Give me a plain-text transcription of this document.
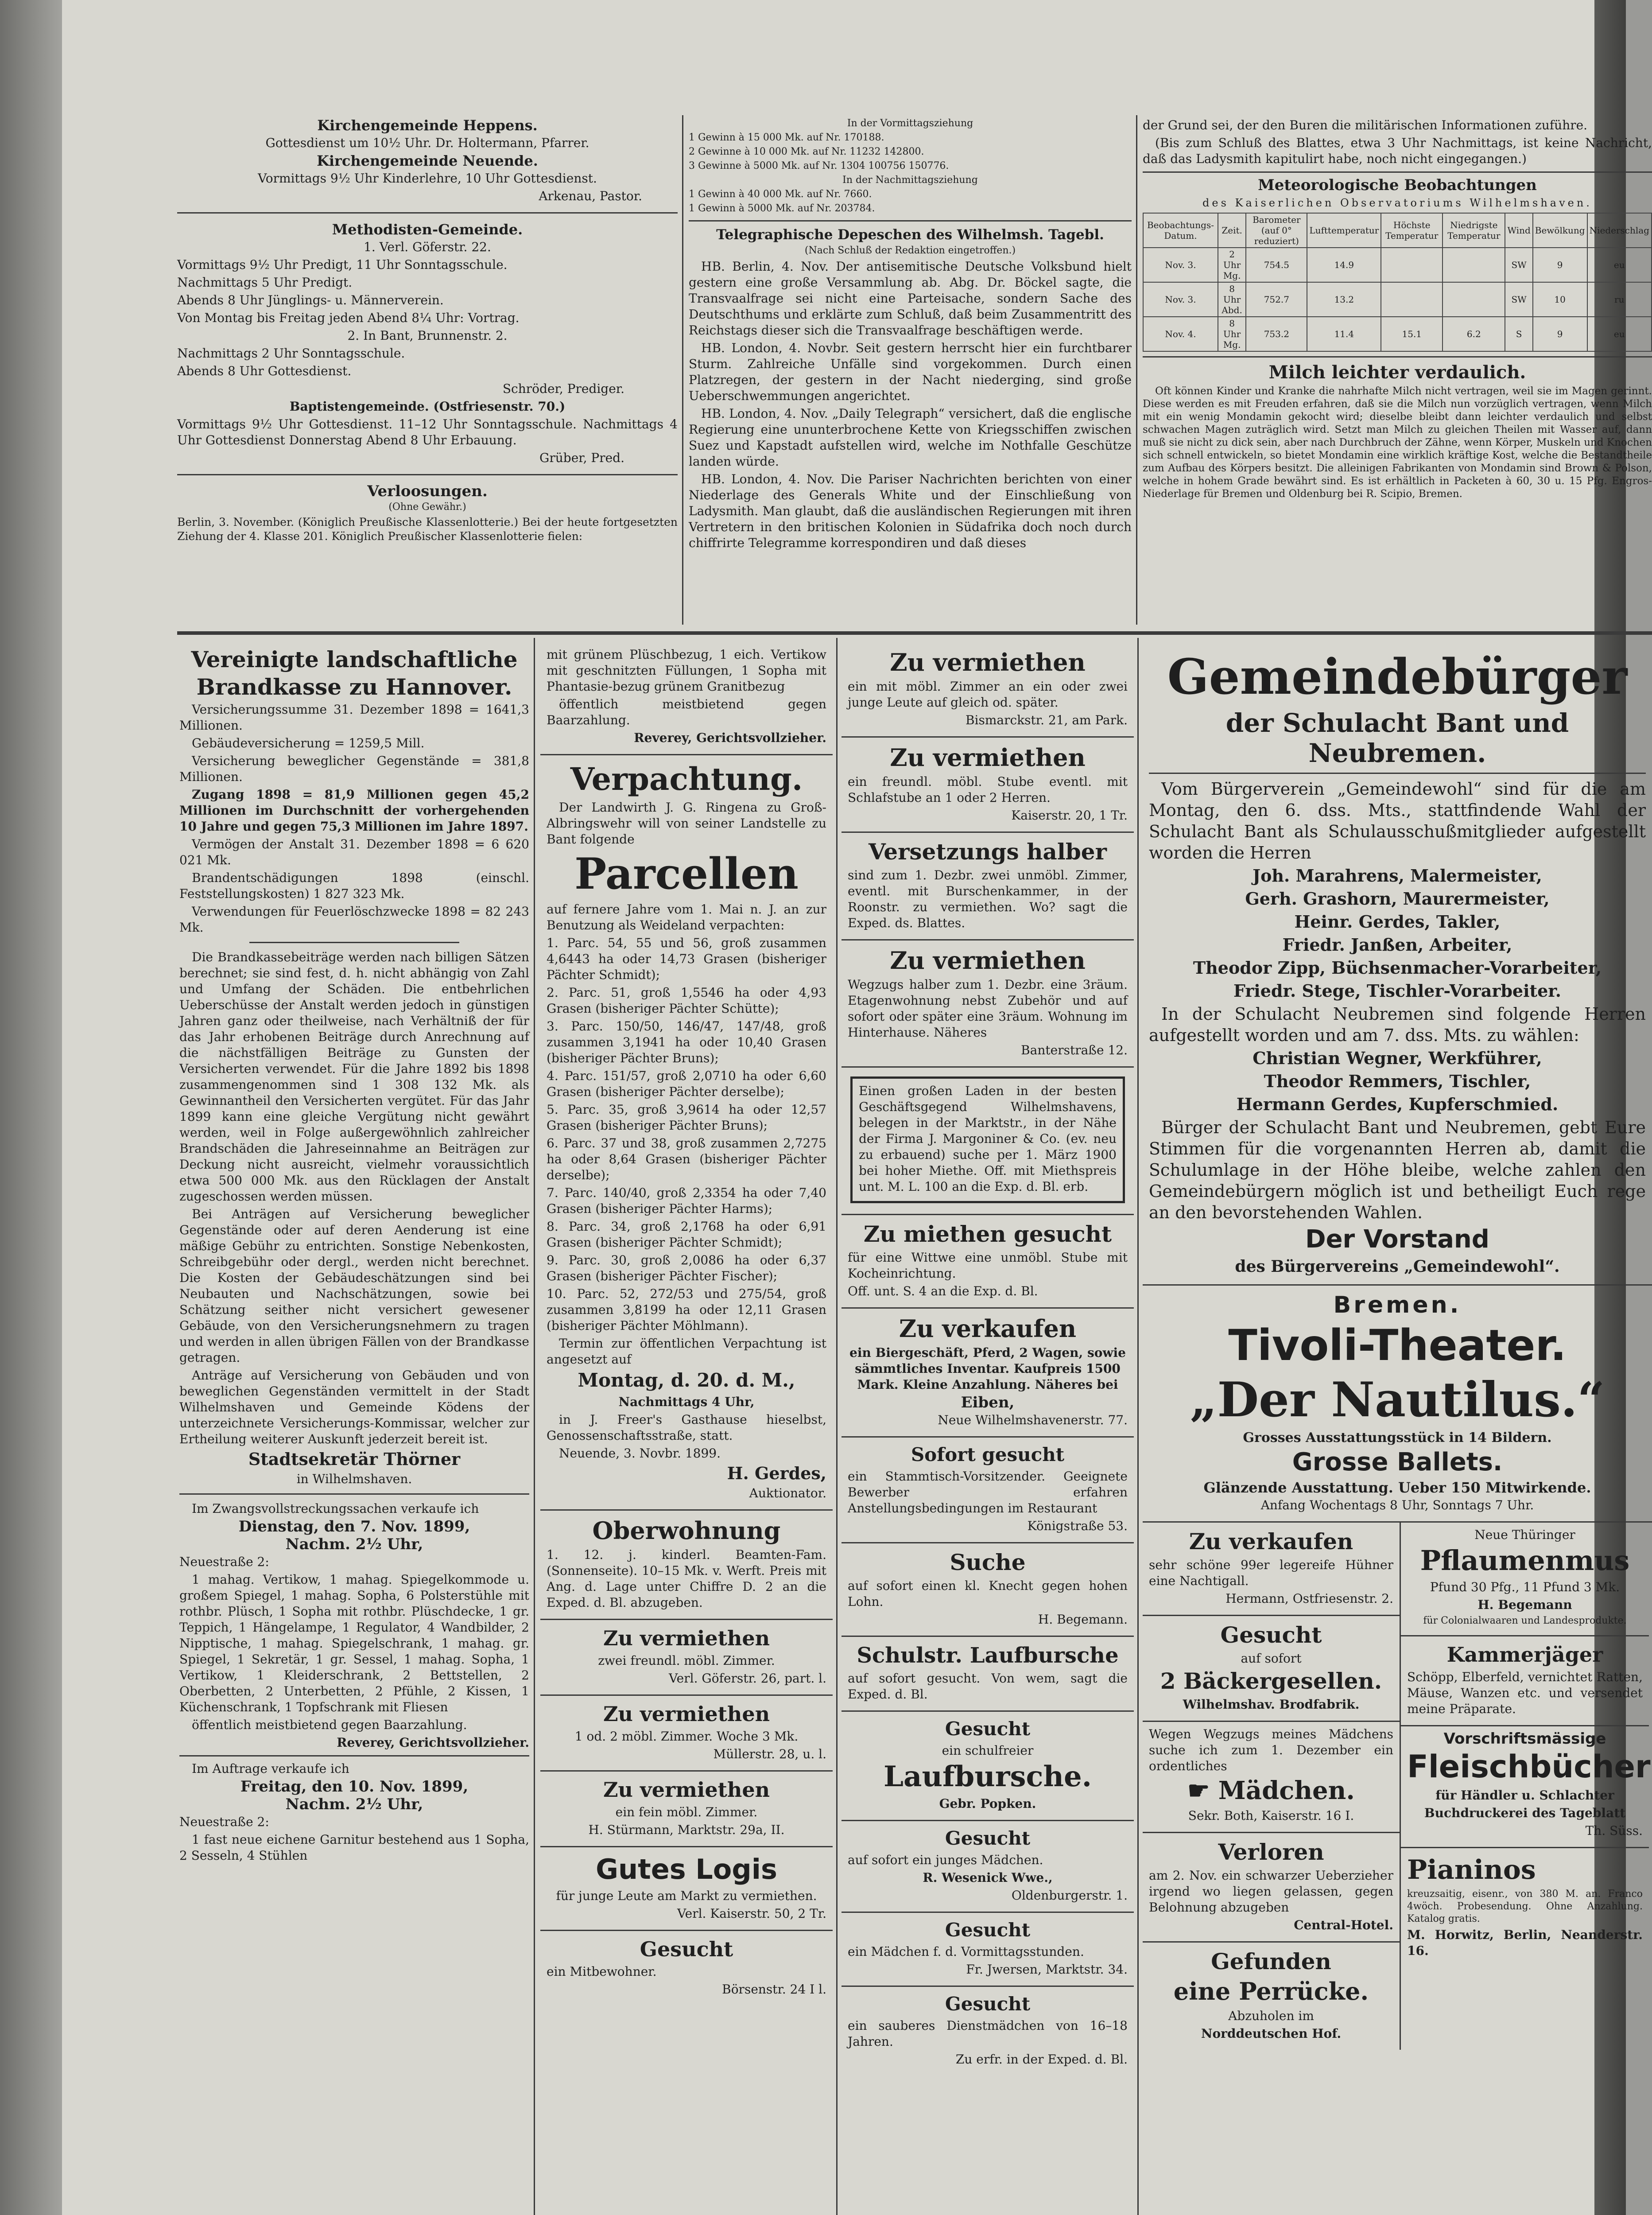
Kirchengemeinde Heppens.

Gottesdienst um 10½ Uhr. Dr. Holtermann, Pfarrer.

Kirchengemeinde Neuende.

Vormittags 9½ Uhr Kinderlehre, 10 Uhr Gottesdienst.

Arkenau, Pastor.

Methodisten-Gemeinde.

1. Verl. Göferstr. 22.

Vormittags 9½ Uhr Predigt, 11 Uhr Sonntagsschule.

Nachmittags 5 Uhr Predigt.

Abends 8 Uhr Jünglings- u. Männerverein.

Von Montag bis Freitag jeden Abend 8¼ Uhr: Vortrag.

2. In Bant, Brunnenstr. 2.

Nachmittags 2 Uhr Sonntagsschule.

Abends 8 Uhr Gottesdienst.

Schröder, Prediger.

Baptistengemeinde. (Ostfriesenstr. 70.)

Vormittags 9½ Uhr Gottesdienst. 11–12 Uhr Sonntagsschule. Nachmittags 4 Uhr Gottesdienst Donnerstag Abend 8 Uhr Erbauung.

Grüber, Pred.

Verloosungen.

(Ohne Gewähr.)

Berlin, 3. November. (Königlich Preußische Klassenlotterie.) Bei der heute fortgesetzten Ziehung der 4. Klasse 201. Königlich Preußischer Klassenlotterie fielen:

In der Vormittagsziehung

1 Gewinn à 15 000 Mk. auf Nr. 170188.

2 Gewinne à 10 000 Mk. auf Nr. 11232 142800.

3 Gewinne à 5000 Mk. auf Nr. 1304 100756 150776.

In der Nachmittagsziehung

1 Gewinn à 40 000 Mk. auf Nr. 7660.

1 Gewinn à 5000 Mk. auf Nr. 203784.

Telegraphische Depeschen des Wilhelmsh. Tagebl.

(Nach Schluß der Redaktion eingetroffen.)

HB. Berlin, 4. Nov. Der antisemitische Deutsche Volksbund hielt gestern eine große Versammlung ab. Abg. Dr. Böckel sagte, die Transvaalfrage sei nicht eine Parteisache, sondern Sache des Deutschthums und erklärte zum Schluß, daß beim Zusammentritt des Reichstags dieser sich die Transvaalfrage beschäftigen werde.

HB. London, 4. Novbr. Seit gestern herrscht hier ein furchtbarer Sturm. Zahlreiche Unfälle sind vorgekommen. Durch einen Platzregen, der gestern in der Nacht niederging, sind große Ueberschwemmungen angerichtet.

HB. London, 4. Nov. „Daily Telegraph“ versichert, daß die englische Regierung eine ununterbrochene Kette von Kriegsschiffen zwischen Suez und Kapstadt aufstellen wird, welche im Nothfalle Geschütze landen würde.

HB. London, 4. Nov. Die Pariser Nachrichten berichten von einer Niederlage des Generals White und der Einschließung von Ladysmith. Man glaubt, daß die ausländischen Regierungen mit ihren Vertretern in den britischen Kolonien in Südafrika doch noch durch chiffrirte Telegramme korrespondiren und daß dieses

der Grund sei, der den Buren die militärischen Informationen zuführe.

(Bis zum Schluß des Blattes, etwa 3 Uhr Nachmittags, ist keine Nachricht, daß das Ladysmith kapitulirt habe, noch nicht eingegangen.)

Meteorologische Beobachtungen

des Kaiserlichen Observatoriums Wilhelmshaven.

Beobachtungs-Datum.	Zeit.	Barometer (auf 0° reduziert)	Lufttemperatur	Höchste Temperatur	Niedrigste Temperatur	Wind	Bewölkung	Niederschlag
Nov. 3.	2 Uhr Mg.	754.5	14.9			SW	9	eu
Nov. 3.	8 Uhr Abd.	752.7	13.2			SW	10	ru
Nov. 4.	8 Uhr Mg.	753.2	11.4	15.1	6.2	S	9	eu

Milch leichter verdaulich.

Oft können Kinder und Kranke die nahrhafte Milch nicht vertragen, weil sie im Magen gerinnt. Diese werden es mit Freuden erfahren, daß sie die Milch nun vorzüglich vertragen, wenn Milch mit ein wenig Mondamin gekocht wird; dieselbe bleibt dann leichter verdaulich und selbst schwachen Magen zuträglich wird. Setzt man Milch zu gleichen Theilen mit Wasser auf, dann muß sie nicht zu dick sein, aber nach Durchbruch der Zähne, wenn Körper, Muskeln und Knochen sich schnell entwickeln, so bietet Mondamin eine wirklich kräftige Kost, welche die Bestandtheile zum Aufbau des Körpers besitzt. Die alleinigen Fabrikanten von Mondamin sind Brown & Polson, welche in hohem Grade bewährt sind. Es ist erhältlich in Packeten à 60, 30 u. 15 Pfg. Engros-Niederlage für Bremen und Oldenburg bei R. Scipio, Bremen.

Vereinigte landschaftliche

Brandkasse zu Hannover.

Versicherungssumme 31. Dezember 1898 = 1641,3 Millionen.

Gebäudeversicherung = 1259,5 Mill.

Versicherung beweglicher Gegenstände = 381,8 Millionen.

Zugang 1898 = 81,9 Millionen gegen 45,2 Millionen im Durchschnitt der vorhergehenden 10 Jahre und gegen 75,3 Millionen im Jahre 1897.

Vermögen der Anstalt 31. Dezember 1898 = 6 620 021 Mk.

Brandentschädigungen 1898 (einschl. Feststellungskosten) 1 827 323 Mk.

Verwendungen für Feuerlöschzwecke 1898 = 82 243 Mk.

Die Brandkassebeiträge werden nach billigen Sätzen berechnet; sie sind fest, d. h. nicht abhängig von Zahl und Umfang der Schäden. Die entbehrlichen Ueberschüsse der Anstalt werden jedoch in günstigen Jahren ganz oder theilweise, nach Verhältniß der für das Jahr erhobenen Beiträge durch Anrechnung auf die nächstfälligen Beiträge zu Gunsten der Versicherten verwendet. Für die Jahre 1892 bis 1898 zusammengenommen sind 1 308 132 Mk. als Gewinnantheil den Versicherten vergütet. Für das Jahr 1899 kann eine gleiche Vergütung nicht gewährt werden, weil in Folge außergewöhnlich zahlreicher Brandschäden die Jahreseinnahme an Beiträgen zur Deckung nicht ausreicht, vielmehr voraussichtlich etwa 500 000 Mk. aus den Rücklagen der Anstalt zugeschossen werden müssen.

Bei Anträgen auf Versicherung beweglicher Gegenstände oder auf deren Aenderung ist eine mäßige Gebühr zu entrichten. Sonstige Nebenkosten, Schreibgebühr oder dergl., werden nicht berechnet. Die Kosten der Gebäudeschätzungen sind bei Neubauten und Nachschätzungen, sowie bei Schätzung seither nicht versichert gewesener Gebäude, von den Versicherungsnehmern zu tragen und werden in allen übrigen Fällen von der Brandkasse getragen.

Anträge auf Versicherung von Gebäuden und von beweglichen Gegenständen vermittelt in der Stadt Wilhelmshaven und Gemeinde Ködens der unterzeichnete Versicherungs-Kommissar, welcher zur Ertheilung weiterer Auskunft jederzeit bereit ist.

Stadtsekretär Thörner

in Wilhelmshaven.

Im Zwangsvollstreckungssachen verkaufe ich

Dienstag, den 7. Nov. 1899,

Nachm. 2½ Uhr,

Neuestraße 2:

1 mahag. Vertikow, 1 mahag. Spiegelkommode u. großem Spiegel, 1 mahag. Sopha, 6 Polsterstühle mit rothbr. Plüsch, 1 Sopha mit rothbr. Plüschdecke, 1 gr. Teppich, 1 Hängelampe, 1 Regulator, 4 Wandbilder, 2 Nipptische, 1 mahag. Spiegelschrank, 1 mahag. gr. Spiegel, 1 Sekretär, 1 gr. Sessel, 1 mahag. Sopha, 1 Vertikow, 1 Kleiderschrank, 2 Bettstellen, 2 Oberbetten, 2 Unterbetten, 2 Pfühle, 2 Kissen, 1 Küchenschrank, 1 Topfschrank mit Fliesen

öffentlich meistbietend gegen Baarzahlung.

Reverey, Gerichtsvollzieher.

Im Auftrage verkaufe ich

Freitag, den 10. Nov. 1899,

Nachm. 2½ Uhr,

Neuestraße 2:

1 fast neue eichene Garnitur bestehend aus 1 Sopha, 2 Sesseln, 4 Stühlen

mit grünem Plüschbezug, 1 eich. Vertikow mit geschnitzten Füllungen, 1 Sopha mit Phantasie-bezug grünem Granitbezug

öffentlich meistbietend gegen Baarzahlung.

Reverey, Gerichtsvollzieher.

Verpachtung.

Der Landwirth J. G. Ringena zu Groß-Albringswehr will von seiner Landstelle zu Bant folgende

Parcellen

auf fernere Jahre vom 1. Mai n. J. an zur Benutzung als Weideland verpachten:

1. Parc. 54, 55 und 56, groß zusammen 4,6443 ha oder 14,73 Grasen (bisheriger Pächter Schmidt);

2. Parc. 51, groß 1,5546 ha oder 4,93 Grasen (bisheriger Pächter Schütte);

3. Parc. 150/50, 146/47, 147/48, groß zusammen 3,1941 ha oder 10,40 Grasen (bisheriger Pächter Bruns);

4. Parc. 151/57, groß 2,0710 ha oder 6,60 Grasen (bisheriger Pächter derselbe);

5. Parc. 35, groß 3,9614 ha oder 12,57 Grasen (bisheriger Pächter Bruns);

6. Parc. 37 und 38, groß zusammen 2,7275 ha oder 8,64 Grasen (bisheriger Pächter derselbe);

7. Parc. 140/40, groß 2,3354 ha oder 7,40 Grasen (bisheriger Pächter Harms);

8. Parc. 34, groß 2,1768 ha oder 6,91 Grasen (bisheriger Pächter Schmidt);

9. Parc. 30, groß 2,0086 ha oder 6,37 Grasen (bisheriger Pächter Fischer);

10. Parc. 52, 272/53 und 275/54, groß zusammen 3,8199 ha oder 12,11 Grasen (bisheriger Pächter Möhlmann).

Termin zur öffentlichen Verpachtung ist angesetzt auf

Montag, d. 20. d. M.,

Nachmittags 4 Uhr,

in J. Freer's Gasthause hieselbst, Genossenschaftsstraße, statt.

Neuende, 3. Novbr. 1899.

H. Gerdes,

Auktionator.

Oberwohnung

1. 12. j. kinderl. Beamten-Fam. (Sonnenseite). 10–15 Mk. v. Werft. Preis mit Ang. d. Lage unter Chiffre D. 2 an die Exped. d. Bl. abzugeben.

Zu vermiethen

zwei freundl. möbl. Zimmer.

Verl. Göferstr. 26, part. l.

Zu vermiethen

1 od. 2 möbl. Zimmer. Woche 3 Mk.

Müllerstr. 28, u. l.

Zu vermiethen

ein fein möbl. Zimmer.

H. Stürmann, Marktstr. 29a, II.

Gutes Logis

für junge Leute am Markt zu vermiethen.

Verl. Kaiserstr. 50, 2 Tr.

Gesucht

ein Mitbewohner.

Börsenstr. 24 I l.

Zu vermiethen

ein mit möbl. Zimmer an ein oder zwei junge Leute auf gleich od. später.

Bismarckstr. 21, am Park.

Zu vermiethen

ein freundl. möbl. Stube eventl. mit Schlafstube an 1 oder 2 Herren.

Kaiserstr. 20, 1 Tr.

Versetzungs halber

sind zum 1. Dezbr. zwei unmöbl. Zimmer, eventl. mit Burschenkammer, in der Roonstr. zu vermiethen. Wo? sagt die Exped. ds. Blattes.

Zu vermiethen

Wegzugs halber zum 1. Dezbr. eine 3räum. Etagenwohnung nebst Zubehör und auf sofort oder später eine 3räum. Wohnung im Hinterhause. Näheres

Banterstraße 12.

Einen großen Laden in der besten Geschäftsgegend Wilhelmshavens, belegen in der Marktstr., in der Nähe der Firma J. Margoniner & Co. (ev. neu zu erbauend) suche per 1. März 1900 bei hoher Miethe. Off. mit Miethspreis unt. M. L. 100 an die Exp. d. Bl. erb.

Zu miethen gesucht

für eine Wittwe eine unmöbl. Stube mit Kocheinrichtung.

Off. unt. S. 4 an die Exp. d. Bl.

Zu verkaufen

ein Biergeschäft, Pferd, 2 Wagen, sowie sämmtliches Inventar. Kaufpreis 1500 Mark. Kleine Anzahlung. Näheres bei

Eiben,

Neue Wilhelmshavenerstr. 77.

Sofort gesucht

ein Stammtisch-Vorsitzender. Geeignete Bewerber erfahren Anstellungsbedingungen im Restaurant

Königstraße 53.

Suche

auf sofort einen kl. Knecht gegen hohen Lohn.

H. Begemann.

Schulstr. Laufbursche

auf sofort gesucht. Von wem, sagt die Exped. d. Bl.

Gesucht

ein schulfreier

Laufbursche.

Gebr. Popken.

Gesucht

auf sofort ein junges Mädchen.

R. Wesenick Wwe.,

Oldenburgerstr. 1.

Gesucht

ein Mädchen f. d. Vormittagsstunden.

Fr. Jwersen, Marktstr. 34.

Gesucht

ein sauberes Dienstmädchen von 16–18 Jahren.

Zu erfr. in der Exped. d. Bl.

Gemeindebürger

der Schulacht Bant und Neubremen.

Vom Bürgerverein „Gemeindewohl“ sind für die am Montag, den 6. dss. Mts., stattfindende Wahl der Schulacht Bant als Schulausschußmitglieder aufgestellt worden die Herren

Joh. Marahrens, Malermeister,

Gerh. Grashorn, Maurermeister,

Heinr. Gerdes, Takler,

Friedr. Janßen, Arbeiter,

Theodor Zipp, Büchsenmacher-Vorarbeiter,

Friedr. Stege, Tischler-Vorarbeiter.

In der Schulacht Neubremen sind folgende Herren aufgestellt worden und am 7. dss. Mts. zu wählen:

Christian Wegner, Werkführer,

Theodor Remmers, Tischler,

Hermann Gerdes, Kupferschmied.

Bürger der Schulacht Bant und Neubremen, gebt Eure Stimmen für die vorgenannten Herren ab, damit die Schulumlage in der Höhe bleibe, welche zahlen den Gemeindebürgern möglich ist und betheiligt Euch rege an den bevorstehenden Wahlen.

Der Vorstand

des Bürgervereins „Gemeindewohl“.

Bremen.

Tivoli-Theater.

„Der Nautilus.“

Grosses Ausstattungsstück in 14 Bildern.

Grosse Ballets.

Glänzende Ausstattung. Ueber 150 Mitwirkende.

Anfang Wochentags 8 Uhr, Sonntags 7 Uhr.

Zu verkaufen

sehr schöne 99er legereife Hühner eine Nachtigall.

Hermann, Ostfriesenstr. 2.

Gesucht

auf sofort

2 Bäckergesellen.

Wilhelmshav. Brodfabrik.

Wegen Wegzugs meines Mädchens suche ich zum 1. Dezember ein ordentliches

☛ Mädchen.

Sekr. Both, Kaiserstr. 16 I.

Verloren

am 2. Nov. ein schwarzer Ueberzieher irgend wo liegen gelassen, gegen Belohnung abzugeben

Central-Hotel.

Gefunden

eine Perrücke.

Abzuholen im

Norddeutschen Hof.

Neue Thüringer

Pflaumenmus

Pfund 30 Pfg., 11 Pfund 3 Mk.

H. Begemann

für Colonialwaaren und Landesprodukte.

Kammerjäger

Schöpp, Elberfeld, vernichtet Ratten, Mäuse, Wanzen etc. und versendet meine Präparate.

Vorschriftsmässige

Fleischbücher

für Händler u. Schlachter

Buchdruckerei des Tageblatt

Th. Süss.

Pianinos

kreuzsaitig, eisenr., von 380 M. an. Franco 4wöch. Probesendung. Ohne Anzahlung. Katalog gratis.

M. Horwitz, Berlin, Neanderstr. 16.
